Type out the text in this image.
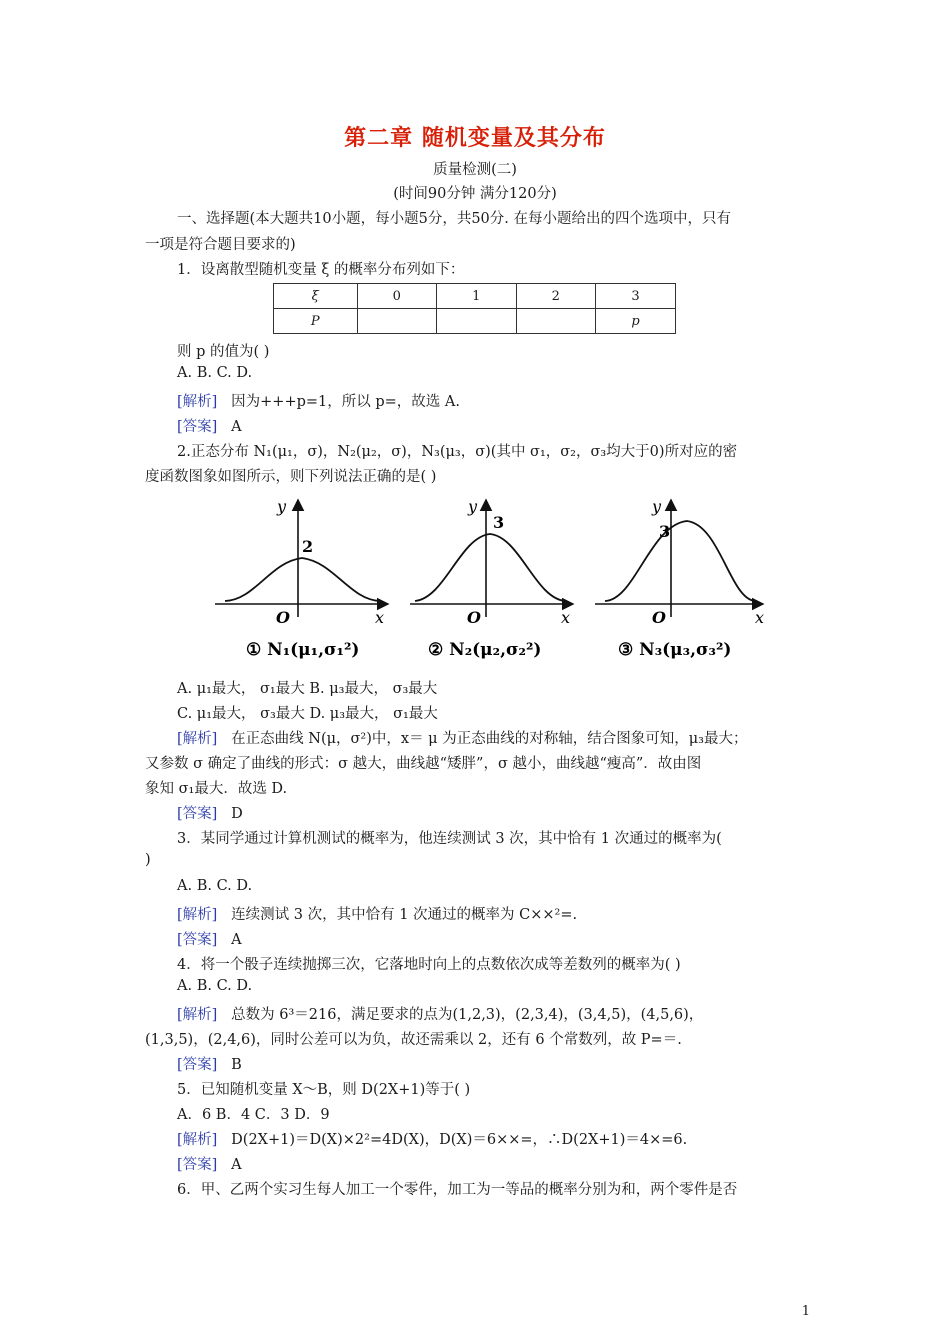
第二章 随机变量及其分布
质量检测(二)
(时间90分钟 满分120分)
一、选择题(本大题共10小题，每小题5分，共50分. 在每小题给出的四个选项中，只有
一项是符合题目要求的)
1．设离散型随机变量 ξ 的概率分布列如下：
ξ	0	1	2	3
P				p
则 p 的值为( )
A. B. C. D.
[解析] 因为+++p=1，所以 p=，故选 A.
[答案] A
2.正态分布 N₁(μ₁，σ)，N₂(μ₂，σ)，N₃(μ₃，σ)(其中 σ₁，σ₂，σ₃均大于0)所对应的密
度函数图象如图所示，则下列说法正确的是( )
y
2
O	x
① N₁(μ₁,σ₁²)
y
3
O	x
② N₂(μ₂,σ₂²)
y
3
O	x
③ N₃(μ₃,σ₃²)
A. μ₁最大， σ₁最大 B. μ₃最大， σ₃最大
C. μ₁最大， σ₃最大 D. μ₃最大， σ₁最大
[解析] 在正态曲线 N(μ，σ²)中，x＝ μ 为正态曲线的对称轴，结合图象可知，μ₃最大；
又参数 σ 确定了曲线的形式：σ 越大，曲线越“矮胖”，σ 越小，曲线越“瘦高”．故由图
象知 σ₁最大．故选 D.
[答案] D
3．某同学通过计算机测试的概率为，他连续测试 3 次，其中恰有 1 次通过的概率为(
)
A. B. C. D.
[解析] 连续测试 3 次，其中恰有 1 次通过的概率为 C××²=.
[答案] A
4．将一个骰子连续抛掷三次，它落地时向上的点数依次成等差数列的概率为( )
A. B. C. D.
[解析] 总数为 6³＝216，满足要求的点为(1,2,3)，(2,3,4)，(3,4,5)，(4,5,6)，
(1,3,5)，(2,4,6)，同时公差可以为负，故还需乘以 2，还有 6 个常数列，故 P=＝.
[答案] B
5．已知随机变量 X～B，则 D(2X+1)等于( )
A．6 B．4 C．3 D．9
[解析] D(2X+1)＝D(X)×2²=4D(X)，D(X)＝6××=，∴D(2X+1)＝4×=6.
[答案] A
6．甲、乙两个实习生每人加工一个零件，加工为一等品的概率分别为和，两个零件是否
1
